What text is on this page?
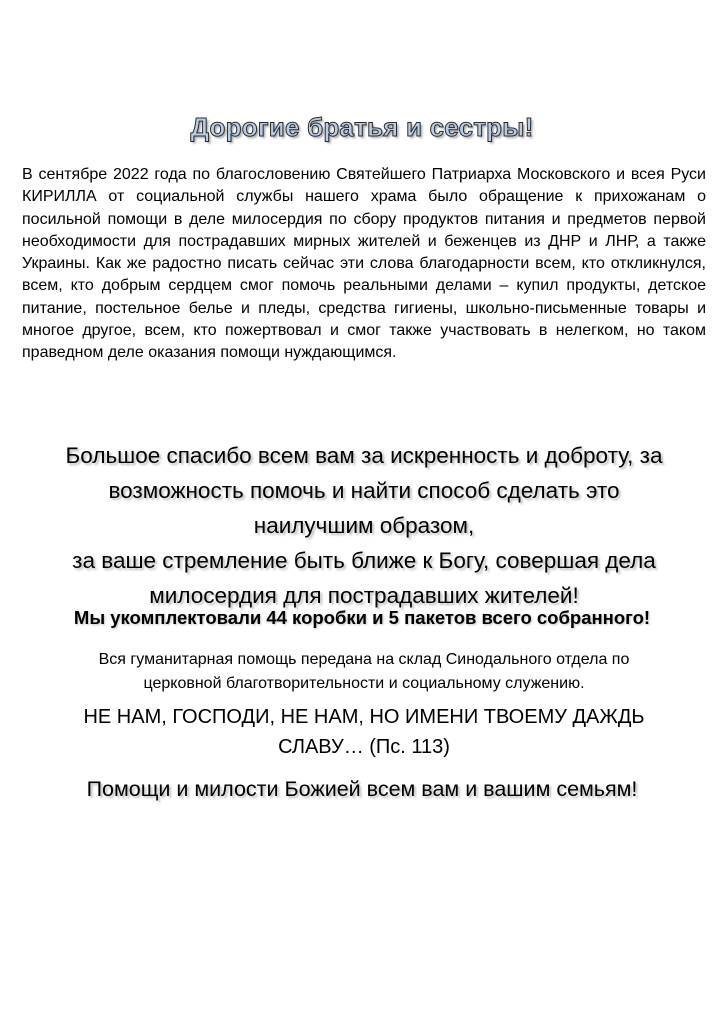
Дорогие братья и сестры!

В сентябре 2022 года по благословению Святейшего Патриарха Московского и всея Руси КИРИЛЛА от социальной службы нашего храма было обращение к прихожанам о посильной помощи в деле милосердия по сбору продуктов питания и предметов первой необходимости для пострадавших мирных жителей и беженцев из ДНР и ЛНР, а также Украины. Как же радостно писать сейчас эти слова благодарности всем, кто откликнулся, всем, кто добрым сердцем смог помочь реальными делами – купил продукты, детское питание, постельное белье и пледы, средства гигиены, школьно-письменные товары и многое другое, всем, кто пожертвовал и смог также участвовать в нелегком, но таком праведном деле оказания помощи нуждающимся.

Большое спасибо всем вам за искренность и доброту, за
возможность помочь и найти способ сделать это
наилучшим образом,
за ваше стремление быть ближе к Богу, совершая дела
милосердия для пострадавших жителей!

Мы укомплектовали 44 коробки и 5 пакетов всего собранного!

Вся гуманитарная помощь передана на склад Синодального отдела по
церковной благотворительности и социальному служению.

НЕ НАМ, ГОСПОДИ, НЕ НАМ, НО ИМЕНИ ТВОЕМУ ДАЖДЬ
СЛАВУ… (Пс. 113)

Помощи и милости Божией всем вам и вашим семьям!
